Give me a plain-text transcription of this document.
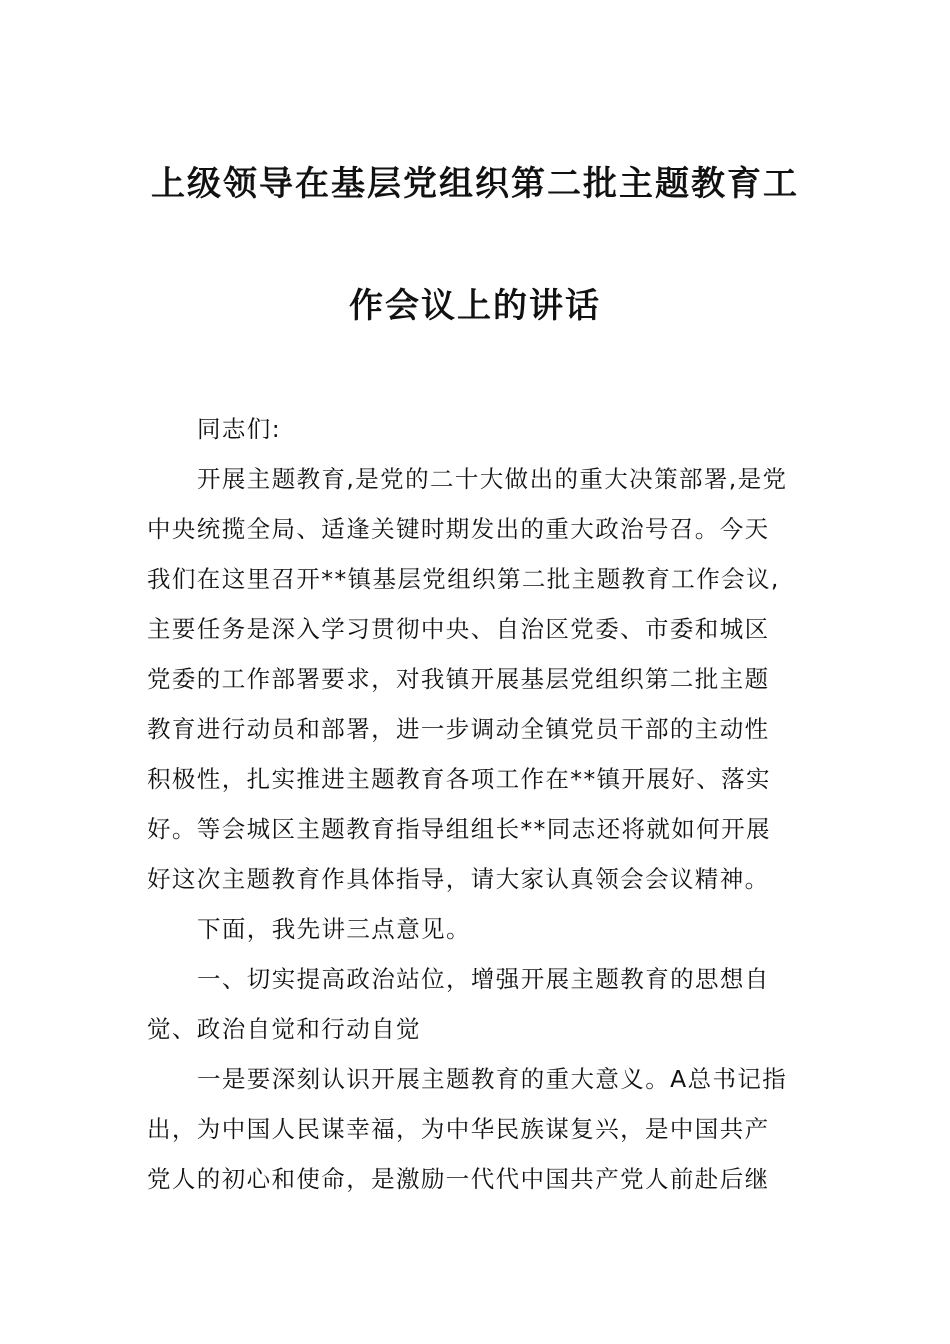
上级领导在基层党组织第二批主题教育工
作会议上的讲话
同志们:
开展主题教育,是党的二十大做出的重大决策部署,是党
中央统揽全局、适逢关键时期发出的重大政治号召。今天
我们在这里召开**镇基层党组织第二批主题教育工作会议,
主要任务是深入学习贯彻中央、自治区党委、市委和城区
党委的工作部署要求，对我镇开展基层党组织第二批主题
教育进行动员和部署，进一步调动全镇党员干部的主动性
积极性，扎实推进主题教育各项工作在**镇开展好、落实
好。等会城区主题教育指导组组长**同志还将就如何开展
好这次主题教育作具体指导，请大家认真领会会议精神。
下面，我先讲三点意见。
一、切实提高政治站位，增强开展主题教育的思想自
觉、政治自觉和行动自觉
一是要深刻认识开展主题教育的重大意义。A总书记指
出，为中国人民谋幸福，为中华民族谋复兴，是中国共产
党人的初心和使命，是激励一代代中国共产党人前赴后继
